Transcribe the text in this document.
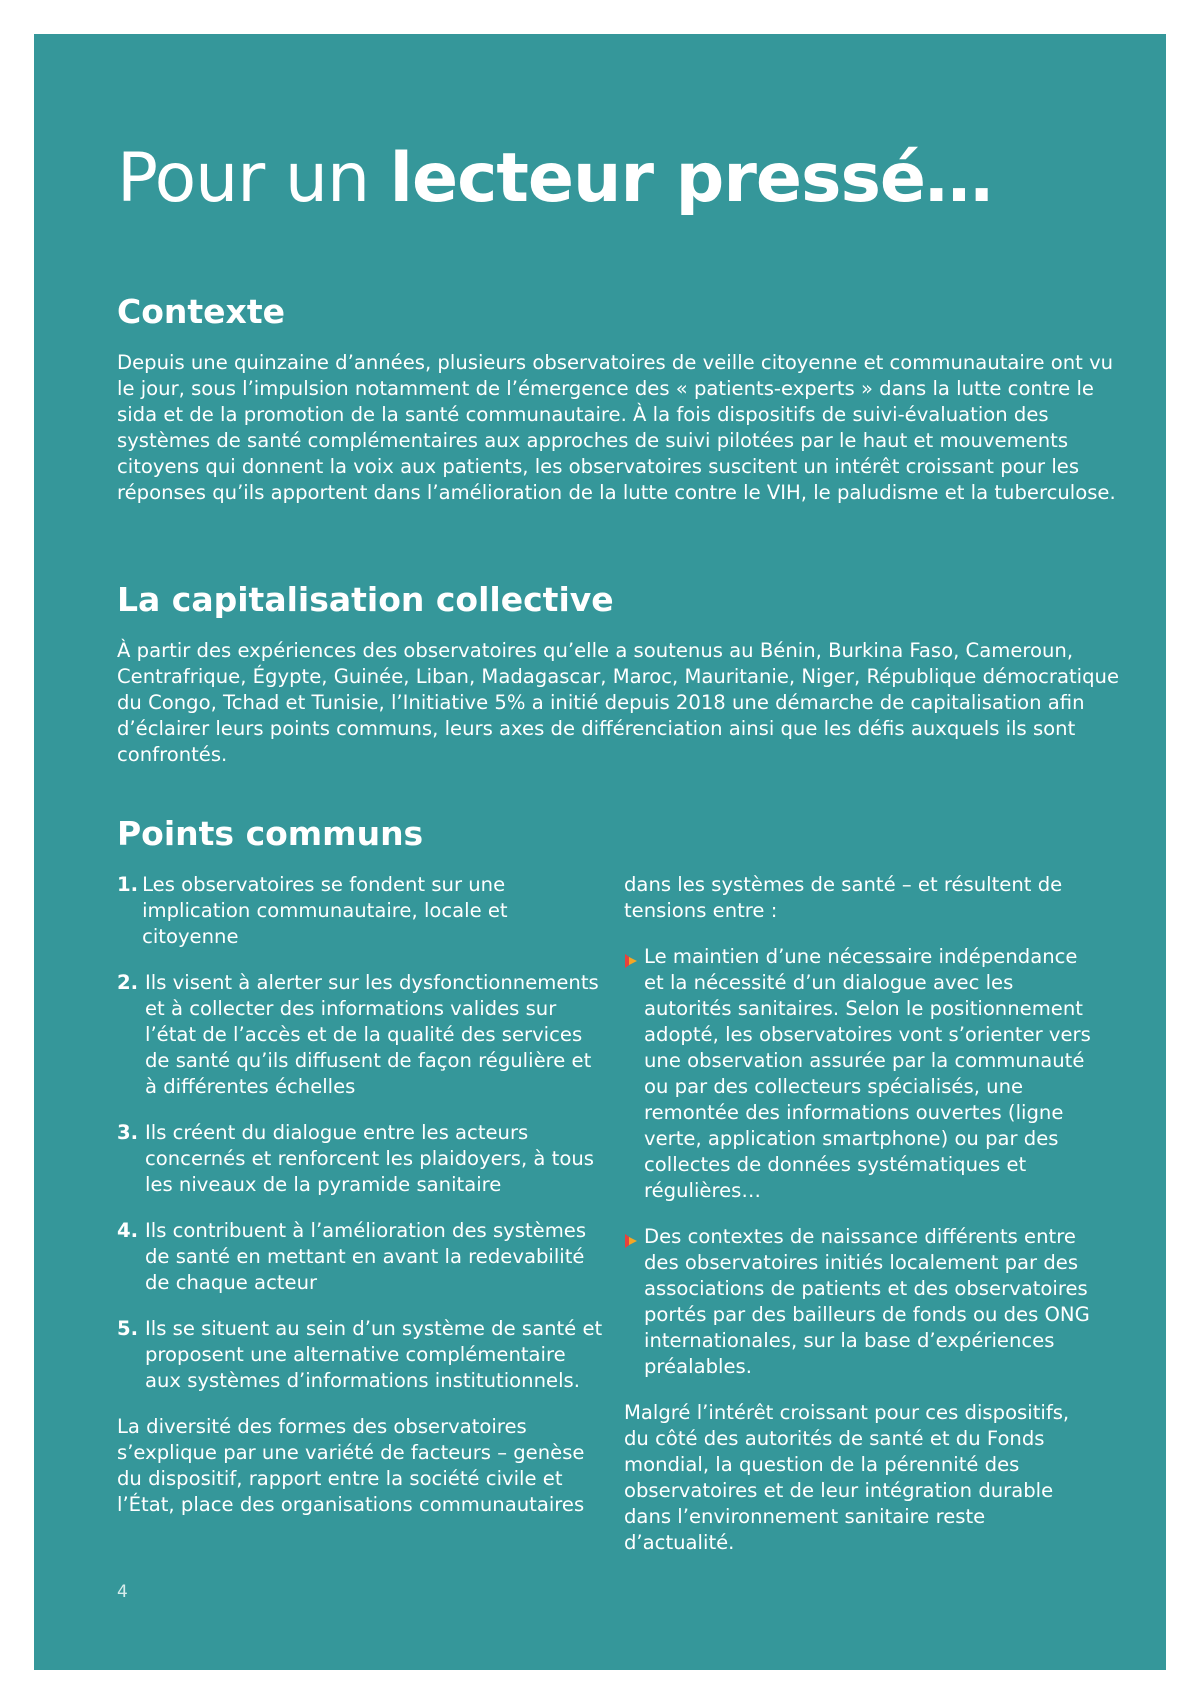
Pour un lecteur pressé…
Contexte

Depuis une quinzaine d’années, plusieurs observatoires de veille citoyenne et communautaire ont vu le jour, sous l’impulsion notamment de l’émergence des « patients-experts » dans la lutte contre le sida et de la promotion de la santé communautaire. À la fois dispositifs de suivi-évaluation des systèmes de santé complémentaires aux approches de suivi pilotées par le haut et mouvements citoyens qui donnent la voix aux patients, les observatoires suscitent un intérêt croissant pour les réponses qu’ils apportent dans l’amélioration de la lutte contre le VIH, le paludisme et la tuberculose.

La capitalisation collective

À partir des expériences des observatoires qu’elle a soutenus au Bénin, Burkina Faso, Cameroun, Centrafrique, Égypte, Guinée, Liban, Madagascar, Maroc, Mauritanie, Niger, République démocratique du Congo, Tchad et Tunisie, l’Initiative 5% a initié depuis 2018 une démarche de capitalisation afin d’éclairer leurs points communs, leurs axes de différenciation ainsi que les défis auxquels ils sont confrontés.

Points communs
1. Les observatoires se fondent sur une implication communautaire, locale et citoyenne
2. Ils visent à alerter sur les dysfonctionnements et à collecter des informations valides sur l’état de l’accès et de la qualité des services de santé qu’ils diffusent de façon régulière et à différentes échelles
3. Ils créent du dialogue entre les acteurs concernés et renforcent les plaidoyers, à tous les niveaux de la pyramide sanitaire
4. Ils contribuent à l’amélioration des systèmes de santé en mettant en avant la redevabilité de chaque acteur
5. Ils se situent au sein d’un système de santé et proposent une alternative complémentaire aux systèmes d’informations institutionnels.

La diversité des formes des observatoires s’explique par une variété de facteurs – genèse du dispositif, rapport entre la société civile et l’État, place des organisations communautaires

dans les systèmes de santé – et résultent de tensions entre :

Le maintien d’une nécessaire indépendance et la nécessité d’un dialogue avec les autorités sanitaires. Selon le positionnement adopté, les observatoires vont s’orienter vers une observation assurée par la communauté ou par des collecteurs spécialisés, une remontée des informations ouvertes (ligne verte, application smartphone) ou par des collectes de données systématiques et régulières…
Des contextes de naissance différents entre des observatoires initiés localement par des associations de patients et des observatoires portés par des bailleurs de fonds ou des ONG internationales, sur la base d’expériences préalables.

Malgré l’intérêt croissant pour ces dispositifs, du côté des autorités de santé et du Fonds mondial, la question de la pérennité des observatoires et de leur intégration durable dans l’environnement sanitaire reste d’actualité.

4
